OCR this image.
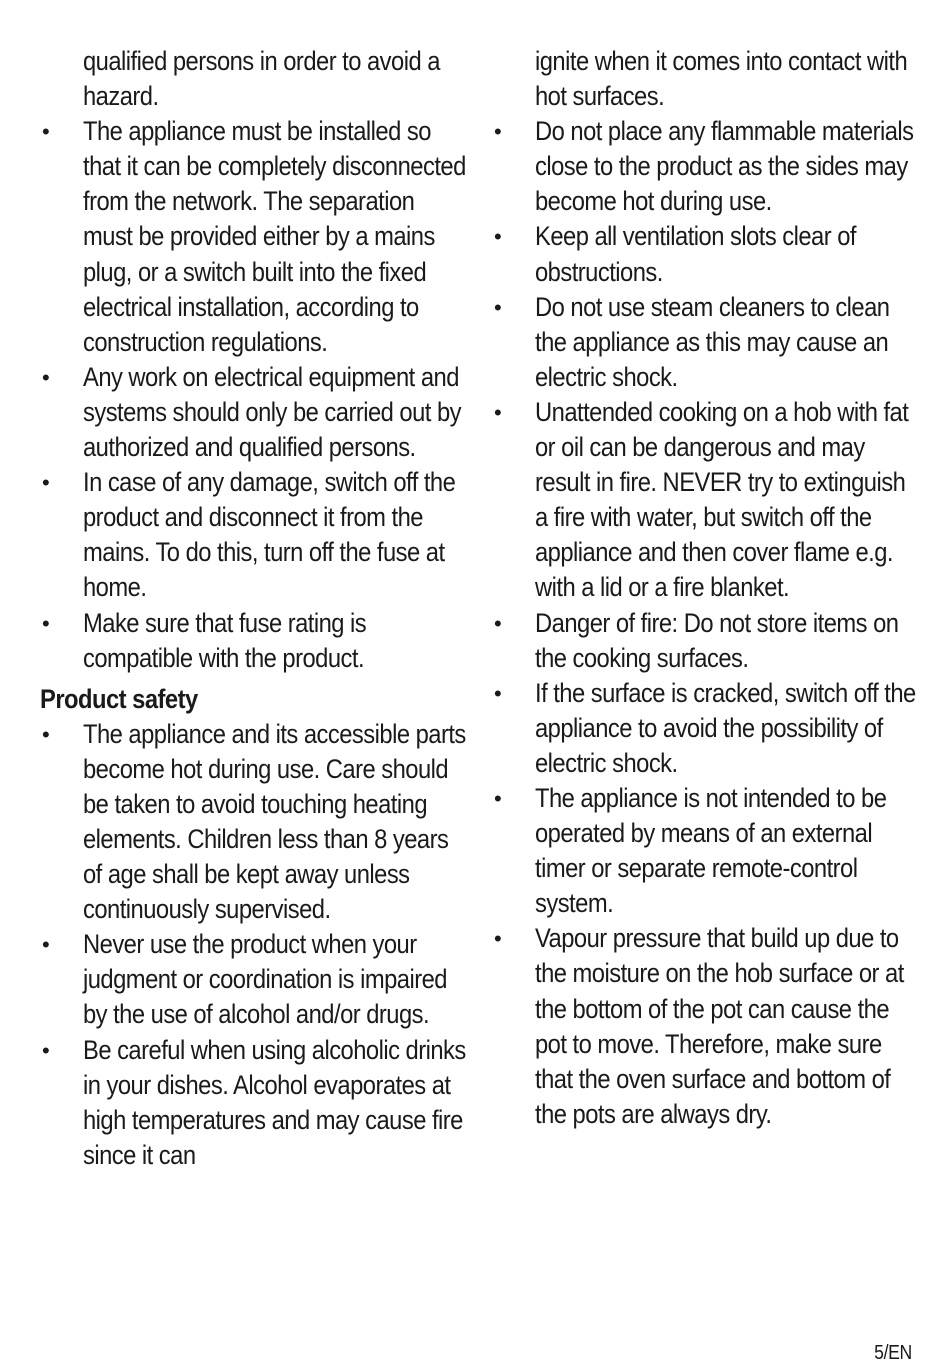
qualified persons in order to avoid a hazard.

• The appliance must be installed so that it can be completely disconnected from the network. The separation must be provided either by a mains plug, or a switch built into the fixed electrical installation, according to construction regulations.

• Any work on electrical equipment and systems should only be carried out by authorized and qualified persons.

• In case of any damage, switch off the product and disconnect it from the mains. To do this, turn off the fuse at home.

• Make sure that fuse rating is compatible with the product.

Product safety

• The appliance and its accessible parts become hot during use. Care should be taken to avoid touching heating elements. Children less than 8 years of age shall be kept away unless continuously supervised.

• Never use the product when your judgment or coordination is impaired by the use of alcohol and/or drugs.

• Be careful when using alcoholic drinks in your dishes. Alcohol evaporates at high temperatures and may cause fire since it can

ignite when it comes into contact with hot surfaces.

• Do not place any flammable materials close to the product as the sides may become hot during use.

• Keep all ventilation slots clear of obstructions.

• Do not use steam cleaners to clean the appliance as this may cause an electric shock.

• Unattended cooking on a hob with fat or oil can be dangerous and may result in fire. NEVER try to extinguish a fire with water, but switch off the appliance and then cover flame e.g. with a lid or a fire blanket.

• Danger of fire: Do not store items on the cooking surfaces.

• If the surface is cracked, switch off the appliance to avoid the possibility of electric shock.

• The appliance is not intended to be operated by means of an external timer or separate remote-control system.

• Vapour pressure that build up due to the moisture on the hob surface or at the bottom of the pot can cause the pot to move. Therefore, make sure that the oven surface and bottom of the pots are always dry.

5/EN
